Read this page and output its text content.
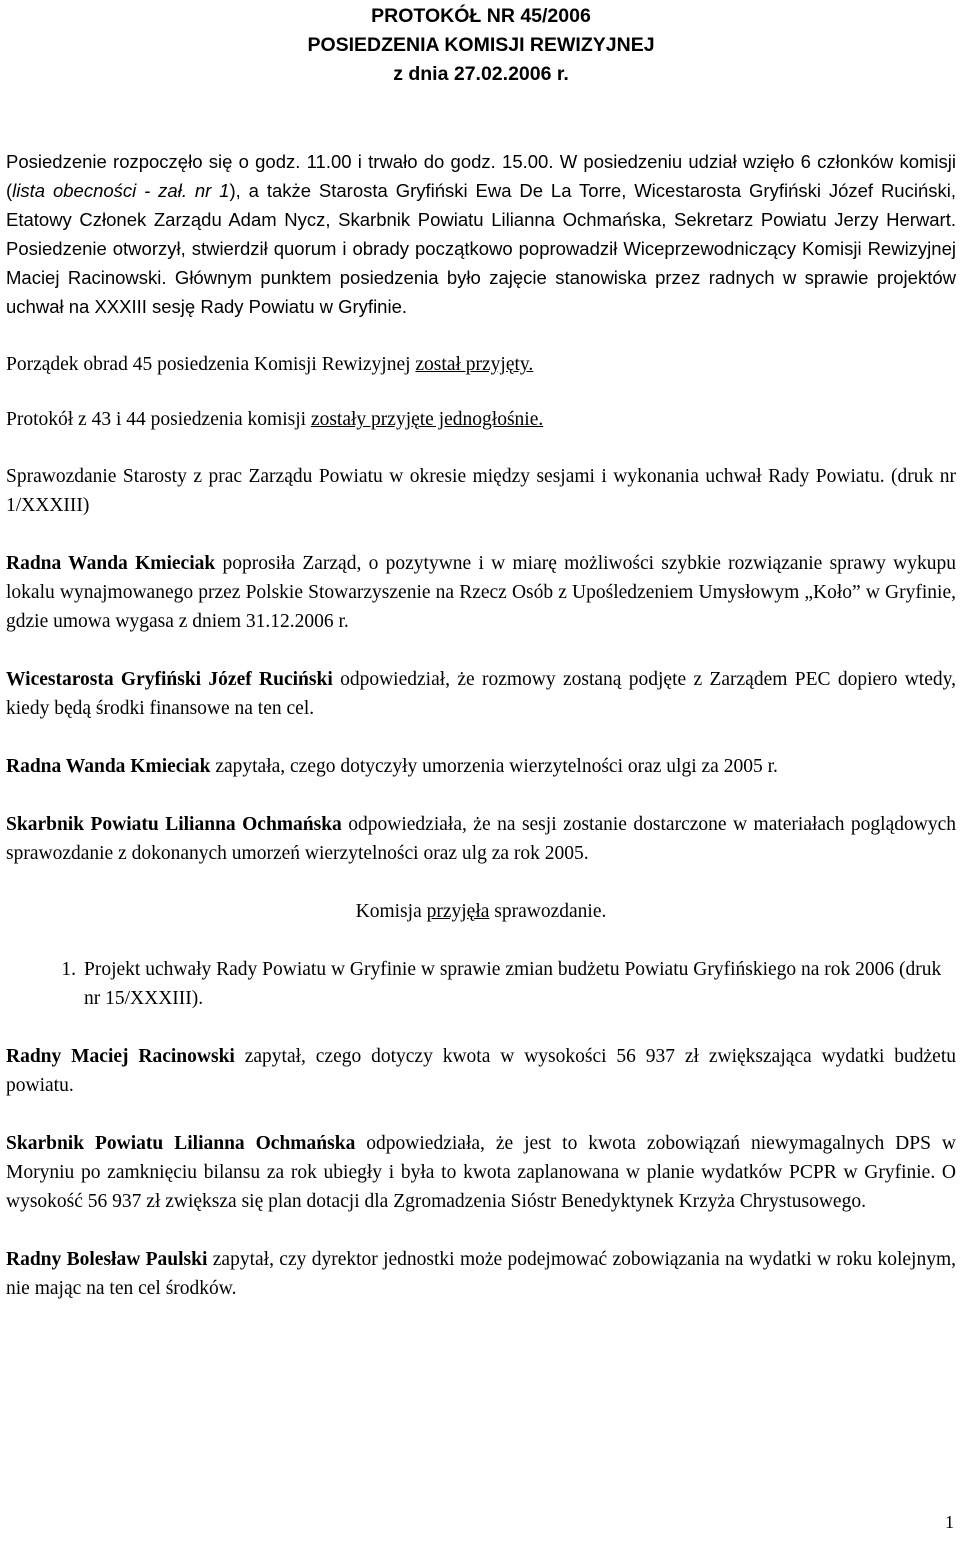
PROTOKÓŁ NR 45/2006
POSIEDZENIA KOMISJI REWIZYJNEJ
z dnia 27.02.2006 r.

Posiedzenie rozpoczęło się o godz. 11.00 i trwało do godz. 15.00. W posiedzeniu udział wzięło 6 członków komisji (lista obecności - zał. nr 1), a także Starosta Gryfiński Ewa De La Torre, Wicestarosta Gryfiński Józef Ruciński, Etatowy Członek Zarządu Adam Nycz, Skarbnik Powiatu Lilianna Ochmańska, Sekretarz Powiatu Jerzy Herwart. Posiedzenie otworzył, stwierdził quorum i obrady początkowo poprowadził Wiceprzewodniczący Komisji Rewizyjnej Maciej Racinowski. Głównym punktem posiedzenia było zajęcie stanowiska przez radnych w sprawie projektów uchwał na XXXIII sesję Rady Powiatu w Gryfinie.

Porządek obrad 45 posiedzenia Komisji Rewizyjnej został przyjęty.

Protokół z 43 i 44 posiedzenia komisji zostały przyjęte jednogłośnie.

Sprawozdanie Starosty z prac Zarządu Powiatu w okresie między sesjami i wykonania uchwał Rady Powiatu. (druk nr 1/XXXIII)

Radna Wanda Kmieciak poprosiła Zarząd, o pozytywne i w miarę możliwości szybkie rozwiązanie sprawy wykupu lokalu wynajmowanego przez Polskie Stowarzyszenie na Rzecz Osób z Upośledzeniem Umysłowym „Koło” w Gryfinie, gdzie umowa wygasa z dniem 31.12.2006 r.

Wicestarosta Gryfiński Józef Ruciński odpowiedział, że rozmowy zostaną podjęte z Zarządem PEC dopiero wtedy, kiedy będą środki finansowe na ten cel.

Radna Wanda Kmieciak zapytała, czego dotyczyły umorzenia wierzytelności oraz ulgi za 2005 r.

Skarbnik Powiatu Lilianna Ochmańska odpowiedziała, że na sesji zostanie dostarczone w materiałach poglądowych sprawozdanie z dokonanych umorzeń wierzytelności oraz ulg za rok 2005.

Komisja przyjęła sprawozdanie.

1. Projekt uchwały Rady Powiatu w Gryfinie w sprawie zmian budżetu Powiatu Gryfińskiego na rok 2006 (druk nr 15/XXXIII).

Radny Maciej Racinowski zapytał, czego dotyczy kwota w wysokości 56 937 zł zwiększająca wydatki budżetu powiatu.

Skarbnik Powiatu Lilianna Ochmańska odpowiedziała, że jest to kwota zobowiązań niewymagalnych DPS w Moryniu po zamknięciu bilansu za rok ubiegły i była to kwota zaplanowana w planie wydatków PCPR w Gryfinie. O wysokość 56 937 zł zwiększa się plan dotacji dla Zgromadzenia Sióstr Benedyktynek Krzyża Chrystusowego.

Radny Bolesław Paulski zapytał, czy dyrektor jednostki może podejmować zobowiązania na wydatki w roku kolejnym, nie mając na ten cel środków.

1
